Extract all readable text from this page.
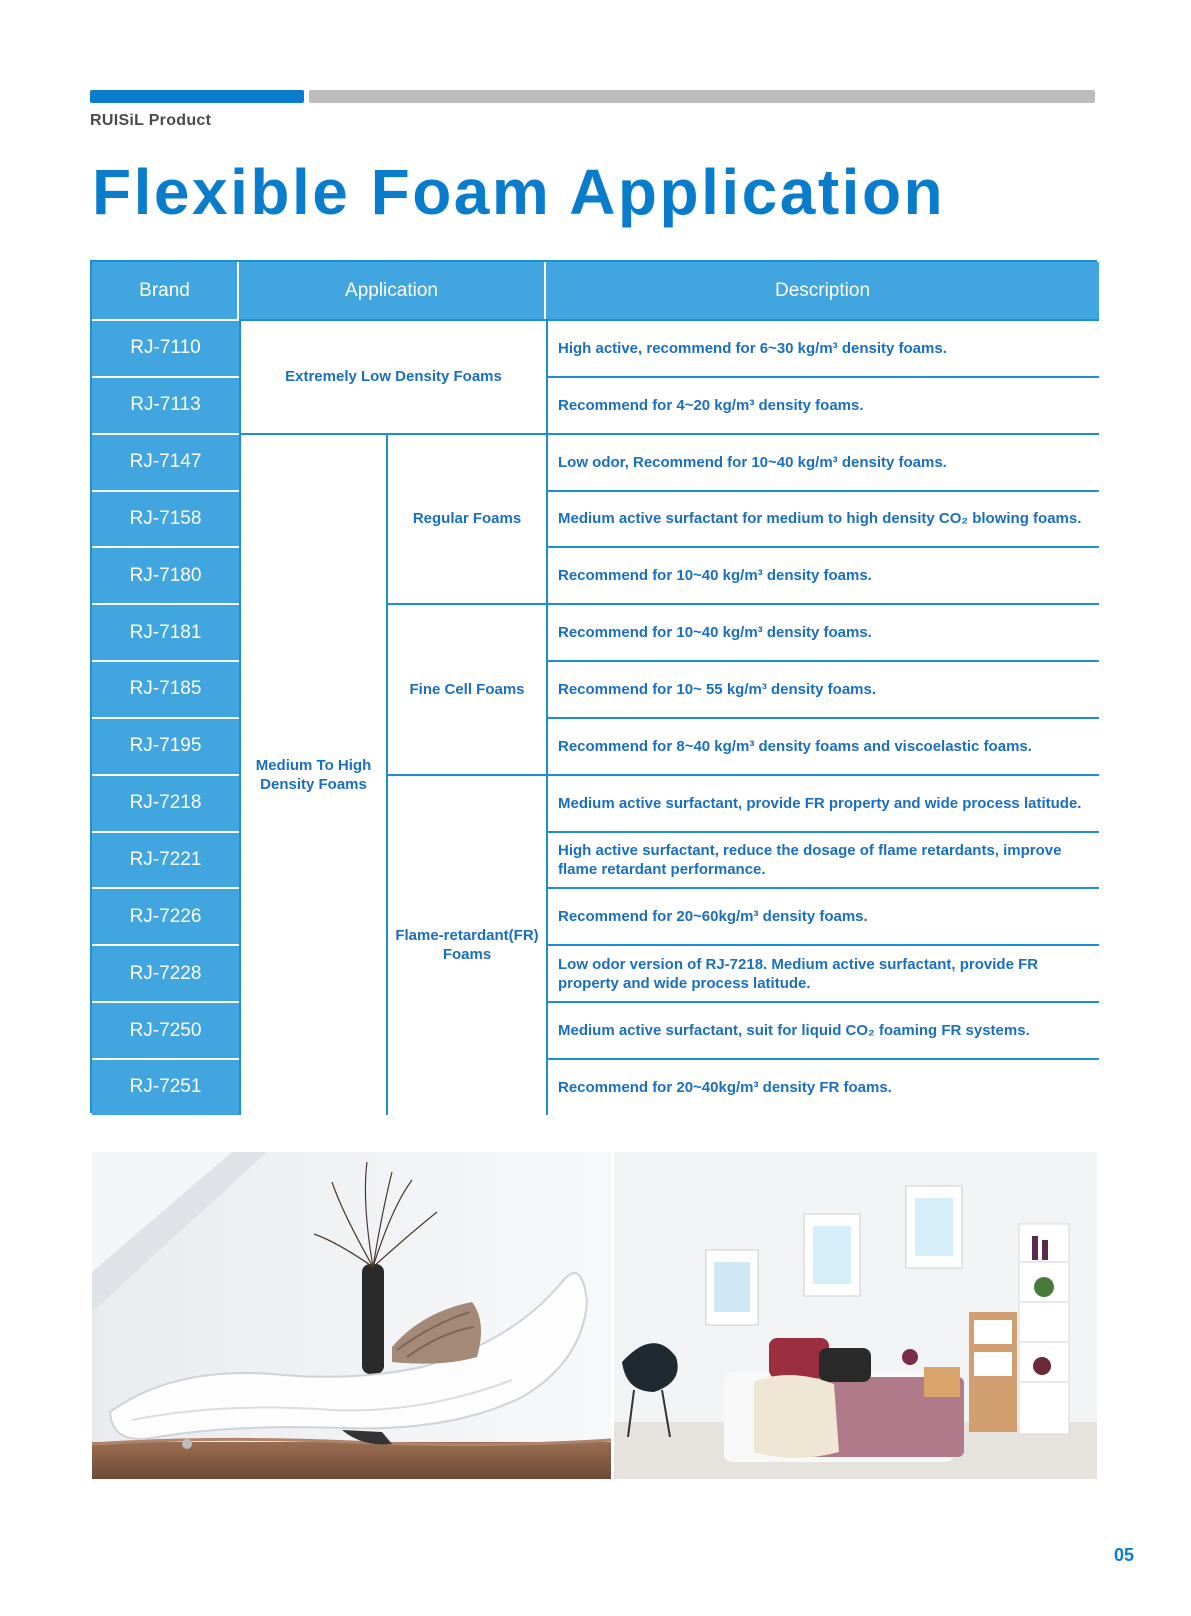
RUISiL Product
Flexible Foam Application
Brand	Application	Description
RJ-7110
RJ-7113
RJ-7147
RJ-7158
RJ-7180
RJ-7181
RJ-7185
RJ-7195
RJ-7218
RJ-7221
RJ-7226
RJ-7228
RJ-7250
RJ-7251
Extremely Low Density Foams
Medium To High Density Foams
Regular Foams
Fine Cell Foams
Flame-retardant(FR) Foams
High active, recommend for 6~30 kg/m³ density foams.
Recommend for 4~20 kg/m³ density foams.
Low odor, Recommend for 10~40 kg/m³ density foams.
Medium active surfactant for medium to high density CO₂ blowing foams.
Recommend for 10~40 kg/m³ density foams.
Recommend for 10~40 kg/m³ density foams.
Recommend for 10~ 55 kg/m³ density foams.
Recommend for 8~40 kg/m³ density foams and viscoelastic foams.
Medium active surfactant, provide FR property and wide process latitude.
High active surfactant, reduce the dosage of flame retardants, improve flame retardant performance.
Recommend for 20~60kg/m³ density foams.
Low odor version of RJ-7218. Medium active surfactant, provide FR property and wide process latitude.
Medium active surfactant, suit for liquid CO₂ foaming FR systems.
Recommend for 20~40kg/m³ density FR foams.
05
